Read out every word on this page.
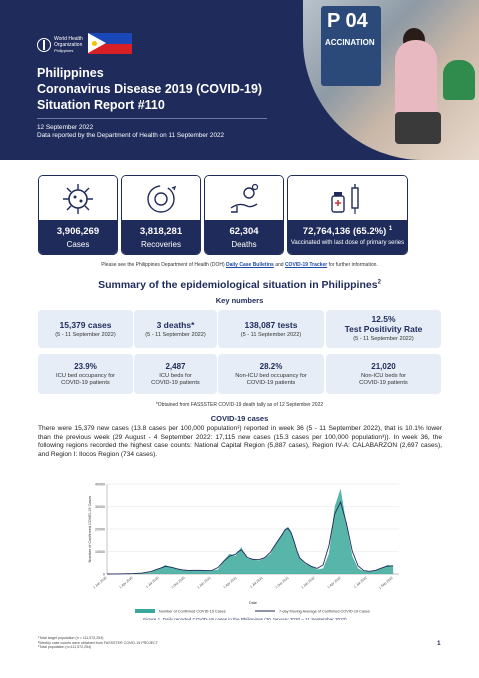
P 04
ACCINATION
World Health
Organization
Philippines
Philippines
Coronavirus Disease 2019 (COVID-19)
Situation Report #110
12 September 2022
Data reported by the Department of Health on 11 September 2022
3,906,269
Cases
3,818,281
Recoveries
62,304
Deaths
72,764,136 (65.2%) $^1$
Vaccinated with last dose of primary series
Please see the Philippines Department of Health (DOH) Daily Case Bulletins and COVID-19 Tracker for further information.
Summary of the epidemiological situation in Philippines$^2$
Key numbers
15,379 cases
(5 - 11 September 2022)
3 deaths*
(5 - 11 September 2022)
138,087 tests
(5 - 11 September 2022)
12.5%
Test Positivity Rate
(5 - 11 September 2022)
23.9%
ICU bed occupancy for
COVID-19 patients
2,487
ICU beds for
COVID-19 patients
28.2%
Non-ICU bed occupancy for
COVID-19 patients
21,020
Non-ICU beds for
COVID-19 patients
*Obtained from FASSSTER COVID-19 death tally as of 12 September 2022
COVID-19 cases
There were 15,379 new cases (13.8 cases per 100,000 population³) reported in week 36 (5 - 11 September 2022), that is 10.1% lower than the previous week (29 August - 4 September 2022: 17,115 new cases (15.3 cases per 100,000 population³)). In week 36, the following regions recorded the highest case counts: National Capital Region (5,887 cases), Region IV-A: CALABARZON (2,697 cases), and Region I: Ilocos Region (734 cases).
0
10000
20000
30000
40000
1 Jan 2020	1 Apr 2020	1 Jul 2020	1 Oct 2020	1 Jan 2021	1 Apr 2021	1 Jul 2021	1 Oct 2021	1 Jan 2022	1 Apr 2022	1 Jul 2022	1 Sep 2022
Number of Confirmed COVID-19 Cases
Date
Number of Confirmed COVID-19 Cases	7-day Moving Average of Confirmed COVID-19 Cases
Figure 1. Daily reported COVID-19 cases in the Philippines (30 January 2020 – 11 September 2022)
¹Total target population (n = 111,572,254)
²Weekly case counts were obtained from FASSSTER COVID-19 PROJECT
³Total population (n=111,572,254)	1
